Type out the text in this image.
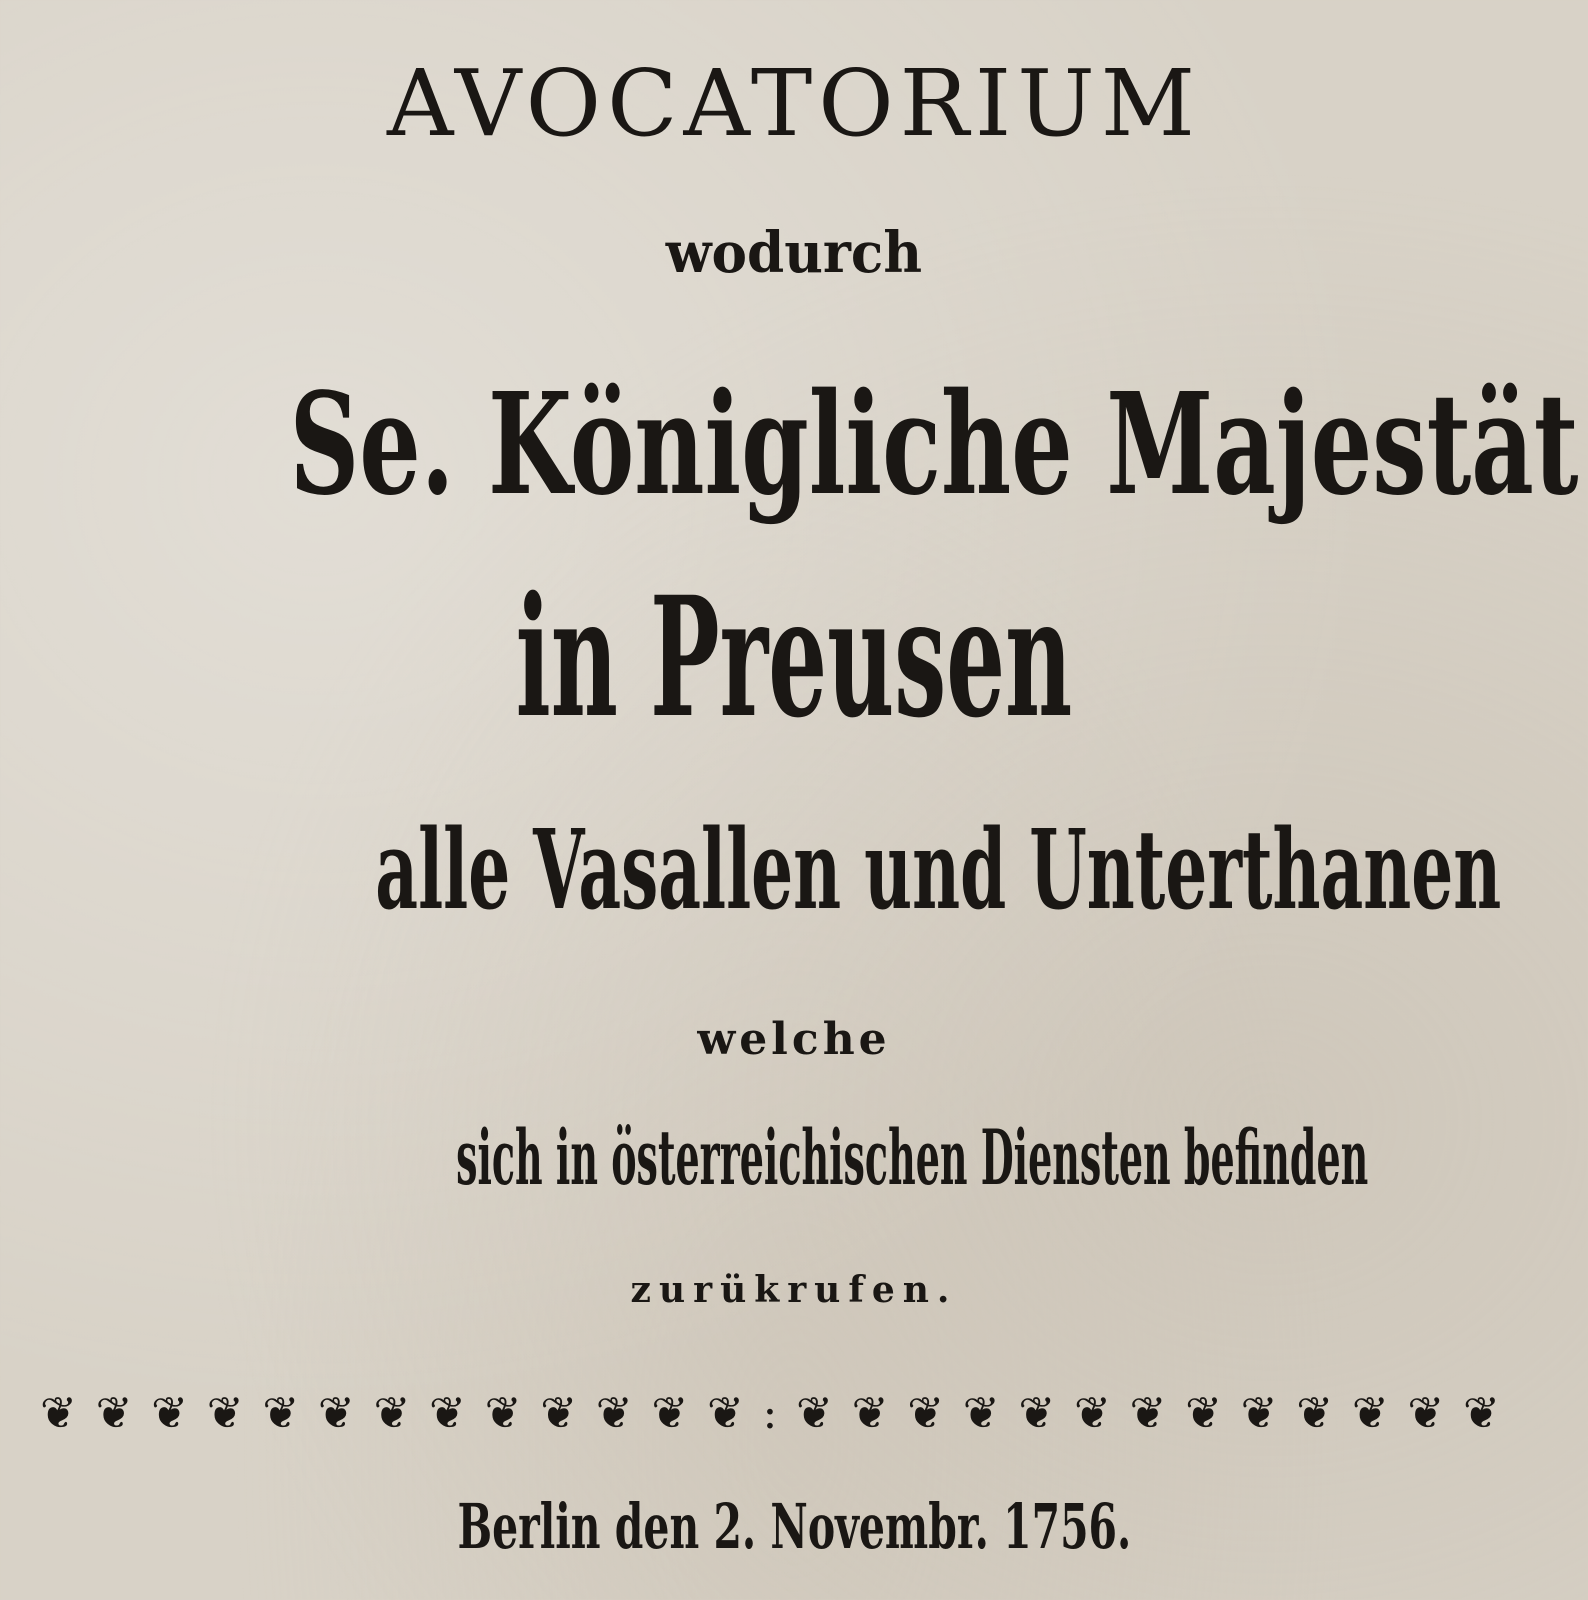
AVOCATORIUM
wodurch
Se. Königliche Majestät
in Preusen
alle Vasallen und Unterthanen
welche
sich in österreichischen Diensten befinden
zurükrufen.
❦ ❦ ❦ ❦ ❦ ❦ ❦ ❦ ❦ ❦ ❦ ❦ ❦ : ❦ ❦ ❦ ❦ ❦ ❦ ❦ ❦ ❦ ❦ ❦ ❦ ❦
Berlin den 2. Novembr. 1756.
